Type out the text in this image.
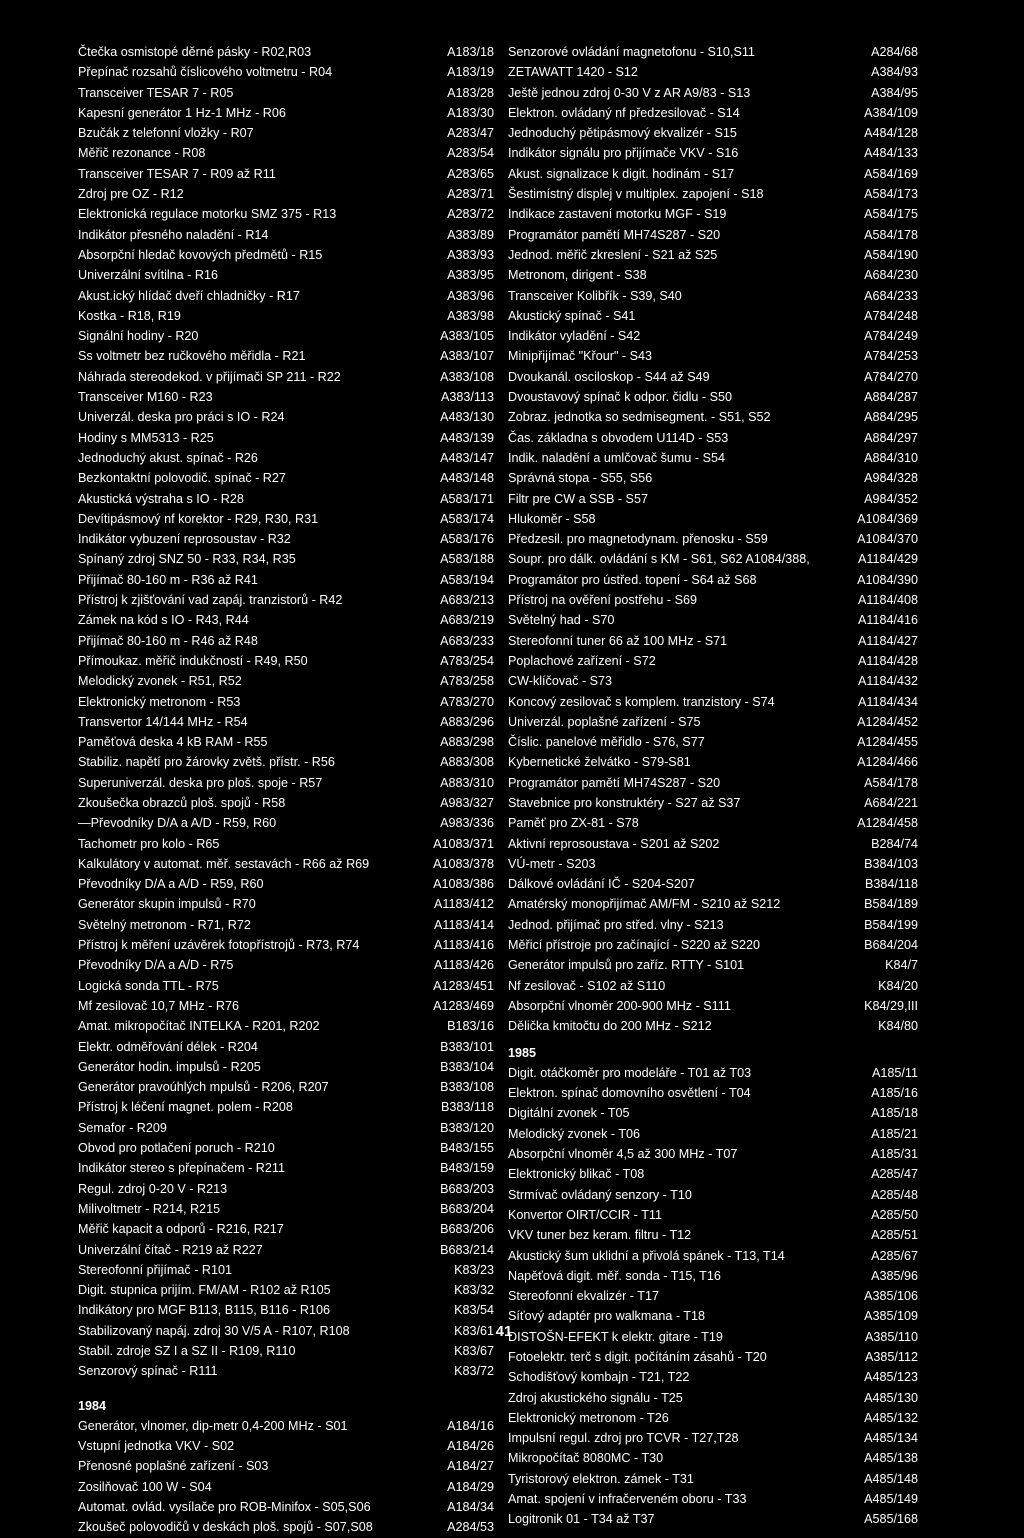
Čtečka osmistopé děrné pásky - R02,R03	A183/18
Přepínač rozsahů číslicového voltmetru - R04	A183/19
Transceiver TESAR 7 - R05	A183/28
Kapesní generátor 1 Hz-1 MHz - R06	A183/30
Bzučák z telefonní vložky - R07	A283/47
Měřič rezonance - R08	A283/54
Transceiver TESAR 7 - R09 až R11	A283/65
Zdroj pre OZ - R12	A283/71
Elektronická regulace motorku SMZ 375 - R13	A283/72
Indikátor přesného naladění - R14	A383/89
Absorpční hledač kovových předmětů - R15	A383/93
Univerzální svítilna - R16	A383/95
Akust.ický hlídač dveří chladničky - R17	A383/96
Kostka - R18, R19	A383/98
Signální hodiny - R20	A383/105
Ss voltmetr bez ručkového měřidla - R21	A383/107
Náhrada stereodekod. v přijímači SP 211 - R22	A383/108
Transceiver M160 - R23	A383/113
Univerzál. deska pro práci s IO - R24	A483/130
Hodiny s MM5313 - R25	A483/139
Jednoduchý akust. spínač - R26	A483/147
Bezkontaktní polovodič. spínač - R27	A483/148
Akustická výstraha s IO - R28	A583/171
Devítipásmový nf korektor - R29, R30, R31	A583/174
Indikátor vybuzení reprosoustav - R32	A583/176
Spínaný zdroj SNZ 50 - R33, R34, R35	A583/188
Přijímač 80-160 m - R36 až R41	A583/194
Přístroj k zjišťování vad zapáj. tranzistorů - R42	A683/213
Zámek na kód s IO - R43, R44	A683/219
Přijímač 80-160 m - R46 až R48	A683/233
Přímoukaz. měřič indukčností - R49, R50	A783/254
Melodický zvonek - R51, R52	A783/258
Elektronický metronom - R53	A783/270
Transvertor 14/144 MHz - R54	A883/296
Paměťová deska 4 kB RAM - R55	A883/298
Stabiliz. napětí pro žárovky zvětš. přístr. - R56	A883/308
Superuniverzál. deska pro ploš. spoje - R57	A883/310
Zkoušečka obrazců ploš. spojů - R58	A983/327
—Převodníky D/A a A/D - R59, R60	A983/336
Tachometr pro kolo - R65	A1083/371
Kalkulátory v automat. měř. sestavách - R66 až R69	A1083/378
Převodníky D/A a A/D - R59, R60	A1083/386
Generátor skupin impulsů - R70	A1183/412
Světelný metronom - R71, R72	A1183/414
Přístroj k měření uzávěrek fotopřístrojů - R73, R74	A1183/416
Převodníky D/A a A/D - R75	A1183/426
Logická sonda TTL - R75	A1283/451
Mf zesilovač 10,7 MHz - R76	A1283/469
Amat. mikropočítač INTELKA - R201, R202	B183/16
Elektr. odměřování délek - R204	B383/101
Generátor hodin. impulsů - R205	B383/104
Generátor pravoúhlých mpulsů - R206, R207	B383/108
Přístroj k léčení magnet. polem - R208	B383/118
Semafor - R209	B383/120
Obvod pro potlačení poruch - R210	B483/155
Indikátor stereo s přepínačem - R211	B483/159
Regul. zdroj 0-20 V - R213	B683/203
Milivoltmetr - R214, R215	B683/204
Měřič kapacit a odporů - R216, R217	B683/206
Univerzální čítač - R219 až R227	B683/214
Stereofonní přijímač - R101	K83/23
Digit. stupnica prijím. FM/AM - R102 až R105	K83/32
Indikátory pro MGF B113, B115, B116 - R106	K83/54
Stabilizovaný napáj. zdroj 30 V/5 A - R107, R108	K83/61
Stabil. zdroje SZ I a SZ II - R109, R110	K83/67
Senzorový spínač - R111	K83/72
1984
Generátor, vlnomer, dip-metr 0,4-200 MHz - S01	A184/16
Vstupní jednotka VKV - S02	A184/26
Přenosné poplašné zařízení - S03	A184/27
Zosilňovač 100 W - S04	A184/29
Automat. ovlád. vysílače pro ROB-Minifox - S05,S06	A184/34
Zkoušeč polovodičů v deskách ploš. spojů - S07,S08	A284/53
Senzorové ovládání magnetofonu - S10,S11	A284/68
ZETAWATT 1420 - S12	A384/93
Ještě jednou zdroj 0-30 V z AR A9/83 - S13	A384/95
Elektron. ovládaný nf předzesilovač - S14	A384/109
Jednoduchý pětipásmový ekvalizér - S15	A484/128
Indikátor signálu pro přijímače VKV - S16	A484/133
Akust. signalizace k digit. hodinám - S17	A584/169
Šestimístný displej v multiplex. zapojení - S18	A584/173
Indikace zastavení motorku MGF - S19	A584/175
Programátor pamětí MH74S287 - S20	A584/178
Jednod. měřič zkreslení - S21 až S25	A584/190
Metronom, dirigent - S38	A684/230
Transceiver Kolibřík - S39, S40	A684/233
Akustický spínač - S41	A784/248
Indikátor vyladění - S42	A784/249
Minipřijímač "Křour" - S43	A784/253
Dvoukanál. osciloskop - S44 až S49	A784/270
Dvoustavový spínač k odpor. čidlu - S50	A884/287
Zobraz. jednotka so sedmisegment. - S51, S52	A884/295
Čas. základna s obvodem U114D - S53	A884/297
Indik. naladění a umlčovač šumu - S54	A884/310
Správná stopa - S55, S56	A984/328
Filtr pre CW a SSB - S57	A984/352
Hlukoměr - S58	A1084/369
Předzesil. pro magnetodynam. přenosku - S59	A1084/370
Soupr. pro dálk. ovládání s KM - S61, S62 A1084/388,	A1184/429
Programátor pro ústřed. topení - S64 až S68	A1084/390
Přístroj na ověření postřehu - S69	A1184/408
Světelný had - S70	A1184/416
Stereofonní tuner 66 až 100 MHz - S71	A1184/427
Poplachové zařízení - S72	A1184/428
CW-klíčovač - S73	A1184/432
Koncový zesilovač s komplem. tranzistory - S74	A1184/434
Univerzál. poplašné zařízení - S75	A1284/452
Číslic. panelové měřidlo - S76, S77	A1284/455
Kybernetické želvátko - S79-S81	A1284/466
Programátor pamětí MH74S287 - S20	A584/178
Stavebnice pro konstruktéry - S27 až S37	A684/221
Paměť pro ZX-81 - S78	A1284/458
Aktivní reprosoustava - S201 až S202	B284/74
VÚ-metr - S203	B384/103
Dálkové ovládání IČ - S204-S207	B384/118
Amatérský monopřijímač AM/FM - S210 až S212	B584/189
Jednod. přijímač pro střed. vlny - S213	B584/199
Měřicí přístroje pro začínající - S220 až S220	B684/204
Generátor impulsů pro zaříz. RTTY - S101	K84/7
Nf zesilovač - S102 až S110	K84/20
Absorpční vlnoměr 200-900 MHz - S111	K84/29,III
Dělička kmitočtu do 200 MHz - S212	K84/80
1985
Digit. otáčkoměr pro modeláře - T01 až T03	A185/11
Elektron. spínač domovního osvětlení - T04	A185/16
Digitální zvonek - T05	A185/18
Melodický zvonek - T06	A185/21
Absorpční vlnoměr 4,5 až 300 MHz - T07	A185/31
Elektronický blikač - T08	A285/47
Strmívač ovládaný senzory - T10	A285/48
Konvertor OIRT/CCIR - T11	A285/50
VKV tuner bez keram. filtru - T12	A285/51
Akustický šum uklidní a přivolá spánek - T13, T14	A285/67
Napěťová digit. měř. sonda - T15, T16	A385/96
Stereofonní ekvalizér - T17	A385/106
Síťový adaptér pro walkmana - T18	A385/109
DISTOŠN-EFEKT k elektr. gitare - T19	A385/110
Fotoelektr. terč s digit. počítáním zásahů - T20	A385/112
Schodišťový kombajn - T21, T22	A485/123
Zdroj akustického signálu - T25	A485/130
Elektronický metronom - T26	A485/132
Impulsní regul. zdroj pro TCVR - T27,T28	A485/134
Mikropočítač 8080MC - T30	A485/138
Tyristorový elektron. zámek - T31	A485/148
Amat. spojení v infračerveném oboru - T33	A485/149
Logitronik 01 - T34 až T37	A585/168
41
